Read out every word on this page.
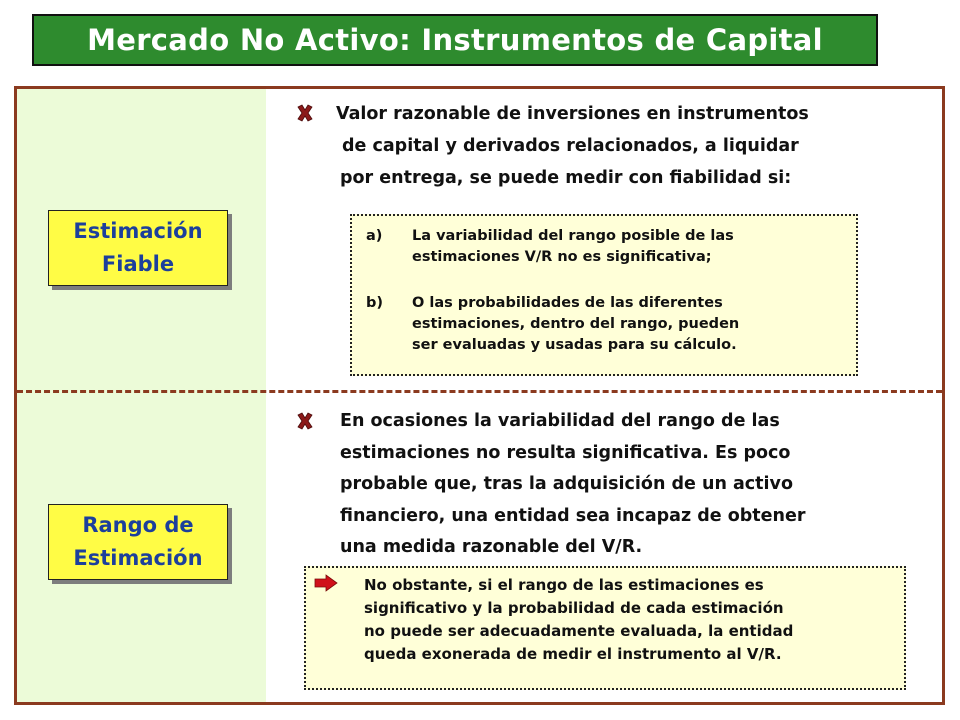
Mercado No Activo: Instrumentos de Capital
Estimación
Fiable
Valor razonable de inversiones en instrumentos
de capital y derivados relacionados, a liquidar
por entrega, se puede medir con fiabilidad si:
a) La variabilidad del rango posible de las
estimaciones V/R no es significativa;
b) O las probabilidades de las diferentes
estimaciones, dentro del rango, pueden
ser evaluadas y usadas para su cálculo.
Rango de
Estimación
En ocasiones la variabilidad del rango de las
estimaciones no resulta significativa. Es poco
probable que, tras la adquisición de un activo
financiero, una entidad sea incapaz de obtener
una medida razonable del V/R.
No obstante, si el rango de las estimaciones es
significativo y la probabilidad de cada estimación
no puede ser adecuadamente evaluada, la entidad
queda exonerada de medir el instrumento al V/R.
